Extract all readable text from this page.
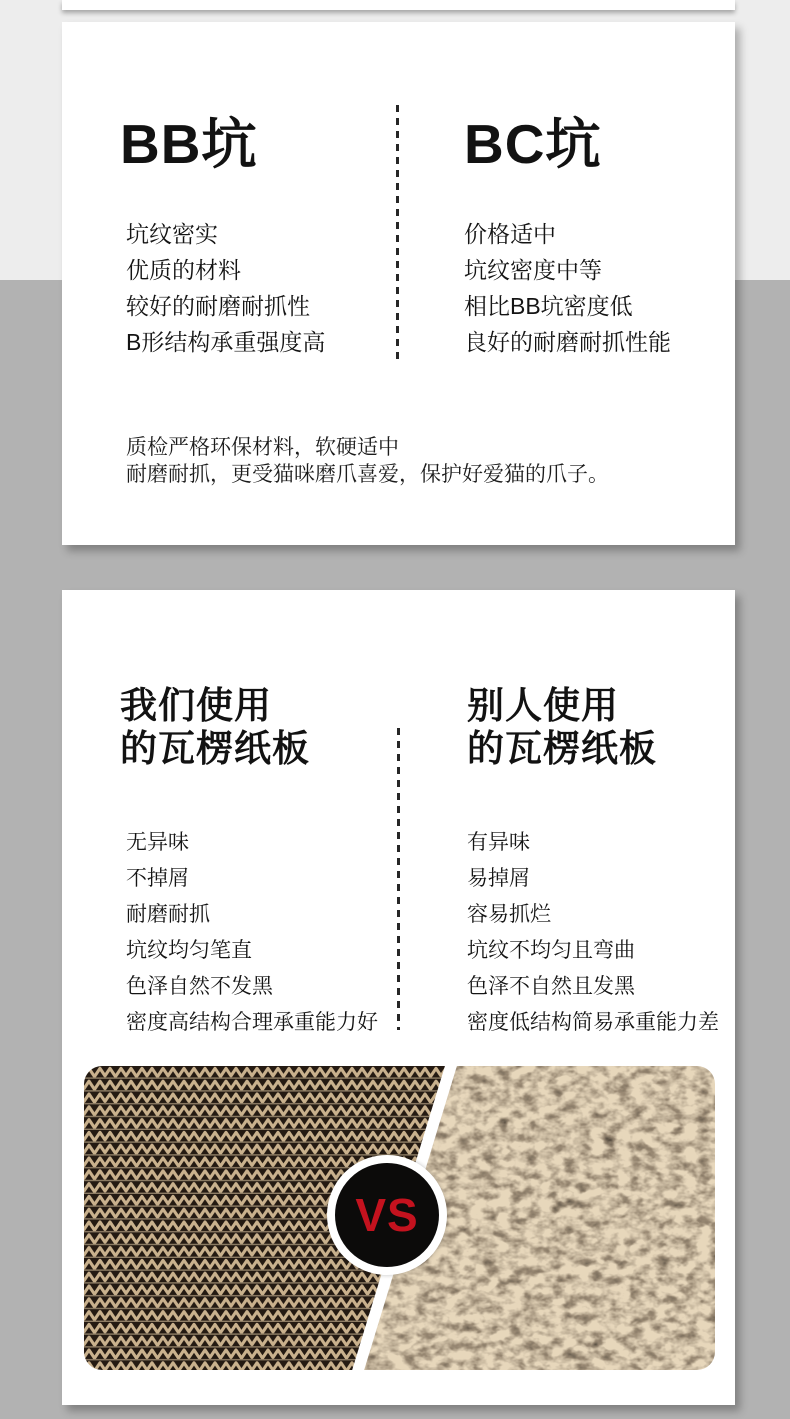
BB坑	BC坑
坑纹密实
优质的材料
较好的耐磨耐抓性
B形结构承重强度高
价格适中
坑纹密度中等
相比BB坑密度低
良好的耐磨耐抓性能

质检严格环保材料，软硬适中
耐磨耐抓，更受猫咪磨爪喜爱，保护好爱猫的爪子。

我们使用
的瓦楞纸板
别人使用
的瓦楞纸板
无异味
不掉屑
耐磨耐抓
坑纹均匀笔直
色泽自然不发黑
密度高结构合理承重能力好
有异味
易掉屑
容易抓烂
坑纹不均匀且弯曲
色泽不自然且发黑
密度低结构简易承重能力差
VS
